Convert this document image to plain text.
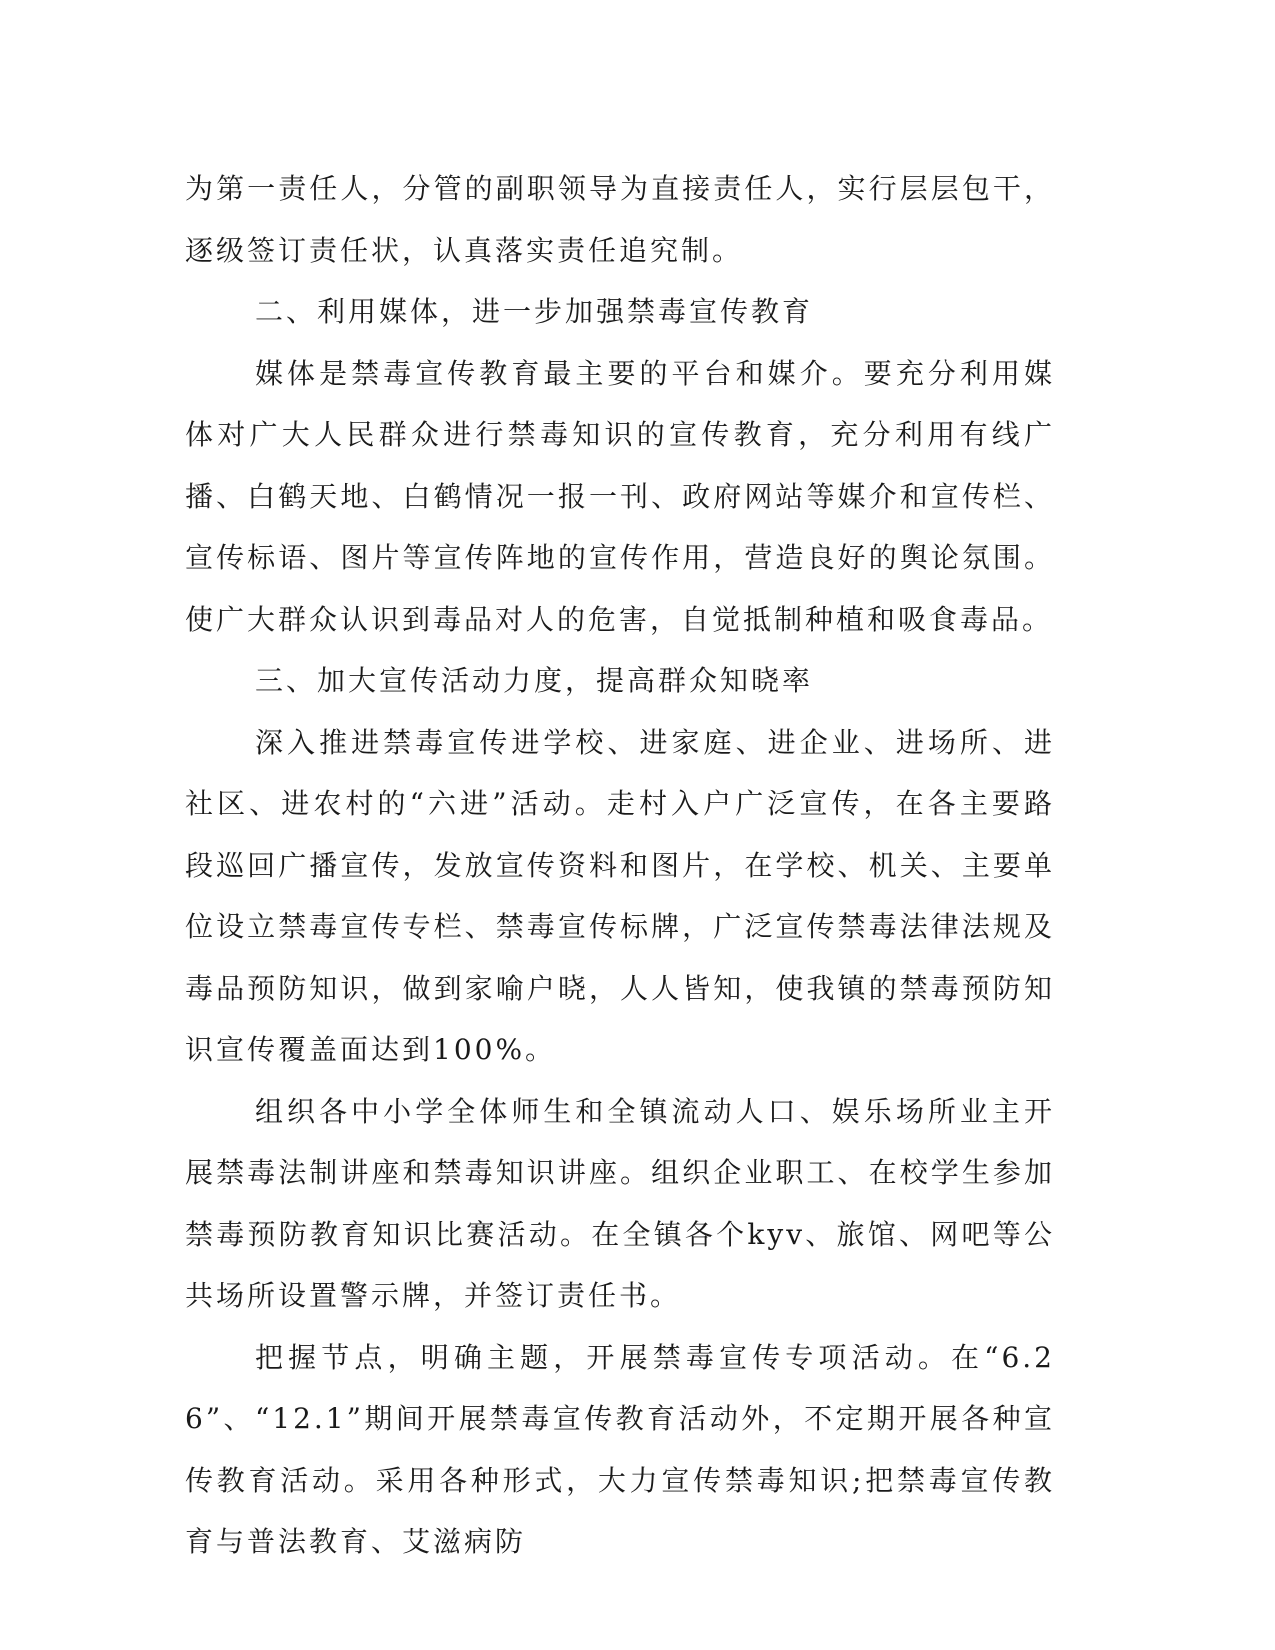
为第一责任人，分管的副职领导为直接责任人，实行层层包干，逐级签订责任状，认真落实责任追究制。

二、利用媒体，进一步加强禁毒宣传教育

媒体是禁毒宣传教育最主要的平台和媒介。要充分利用媒体对广大人民群众进行禁毒知识的宣传教育，充分利用有线广播、白鹤天地、白鹤情况一报一刊、政府网站等媒介和宣传栏、宣传标语、图片等宣传阵地的宣传作用，营造良好的舆论氛围。使广大群众认识到毒品对人的危害，自觉抵制种植和吸食毒品。

三、加大宣传活动力度，提高群众知晓率

深入推进禁毒宣传进学校、进家庭、进企业、进场所、进社区、进农村的“六进”活动。走村入户广泛宣传，在各主要路段巡回广播宣传，发放宣传资料和图片，在学校、机关、主要单位设立禁毒宣传专栏、禁毒宣传标牌，广泛宣传禁毒法律法规及毒品预防知识，做到家喻户晓，人人皆知，使我镇的禁毒预防知识宣传覆盖面达到100%。

组织各中小学全体师生和全镇流动人口、娱乐场所业主开展禁毒法制讲座和禁毒知识讲座。组织企业职工、在校学生参加禁毒预防教育知识比赛活动。在全镇各个kyv、旅馆、网吧等公共场所设置警示牌，并签订责任书。

把握节点，明确主题，开展禁毒宣传专项活动。在“6.26”、“12.1”期间开展禁毒宣传教育活动外，不定期开展各种宣传教育活动。采用各种形式，大力宣传禁毒知识;把禁毒宣传教育与普法教育、艾滋病防
